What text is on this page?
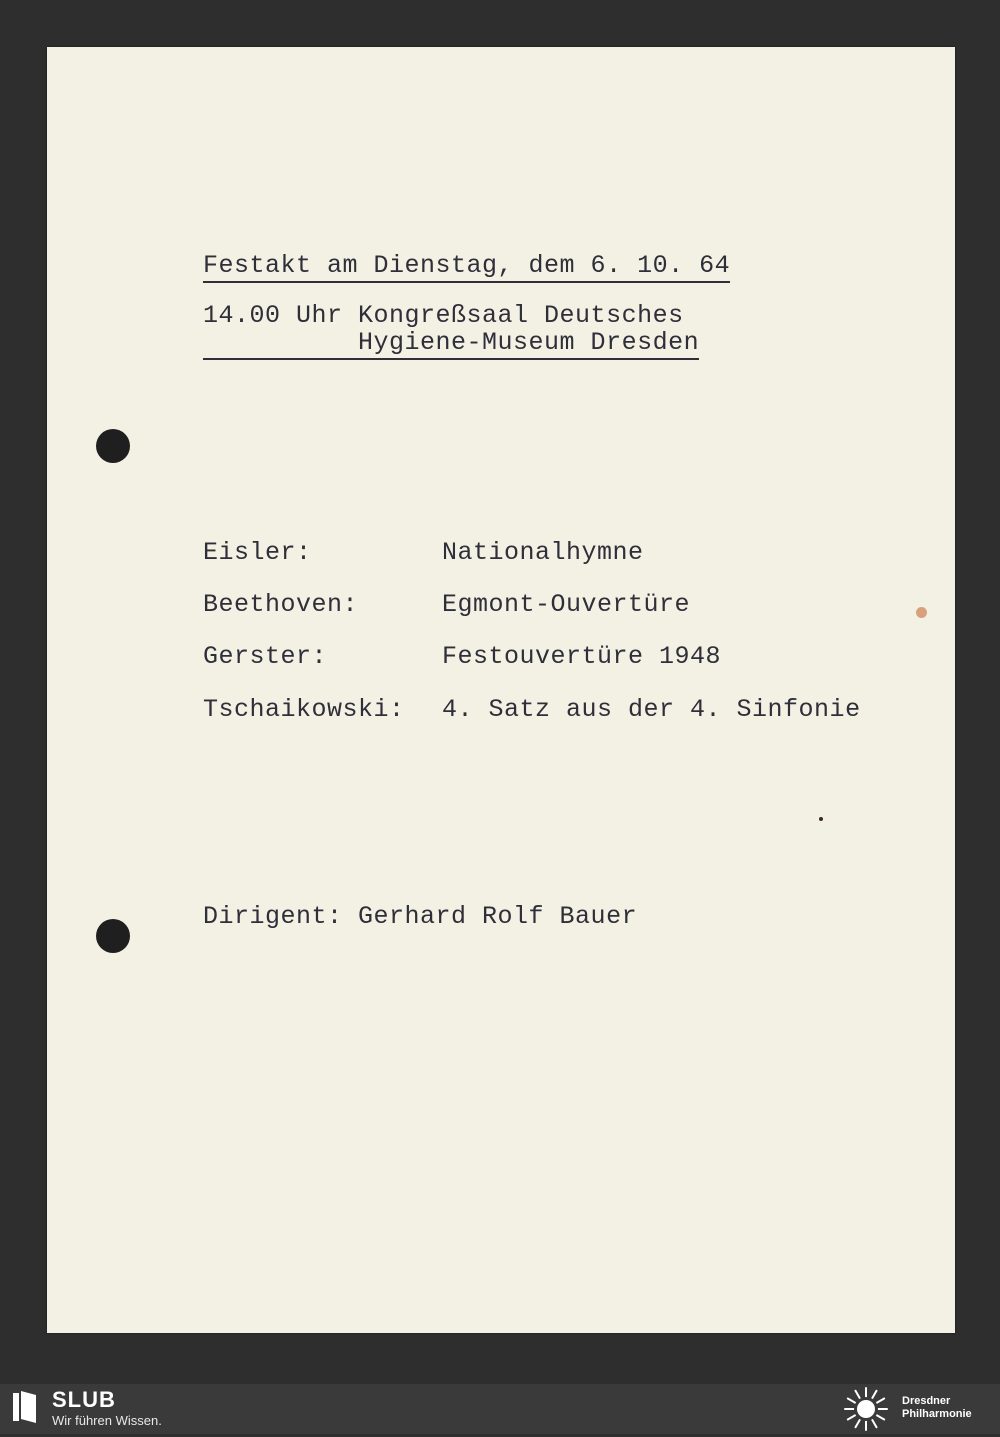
Festakt am Dienstag, dem 6. 10. 64
14.00 Uhr Kongreßsaal Deutsches
Hygiene-Museum Dresden
Eisler:	Nationalhymne
Beethoven:	Egmont-Ouvertüre
Gerster:	Festouvertüre 1948
Tschaikowski: 4. Satz aus der 4. Sinfonie
Dirigent: Gerhard Rolf Bauer
SLUB
Wir führen Wissen.
Dresdner
Philharmonie
